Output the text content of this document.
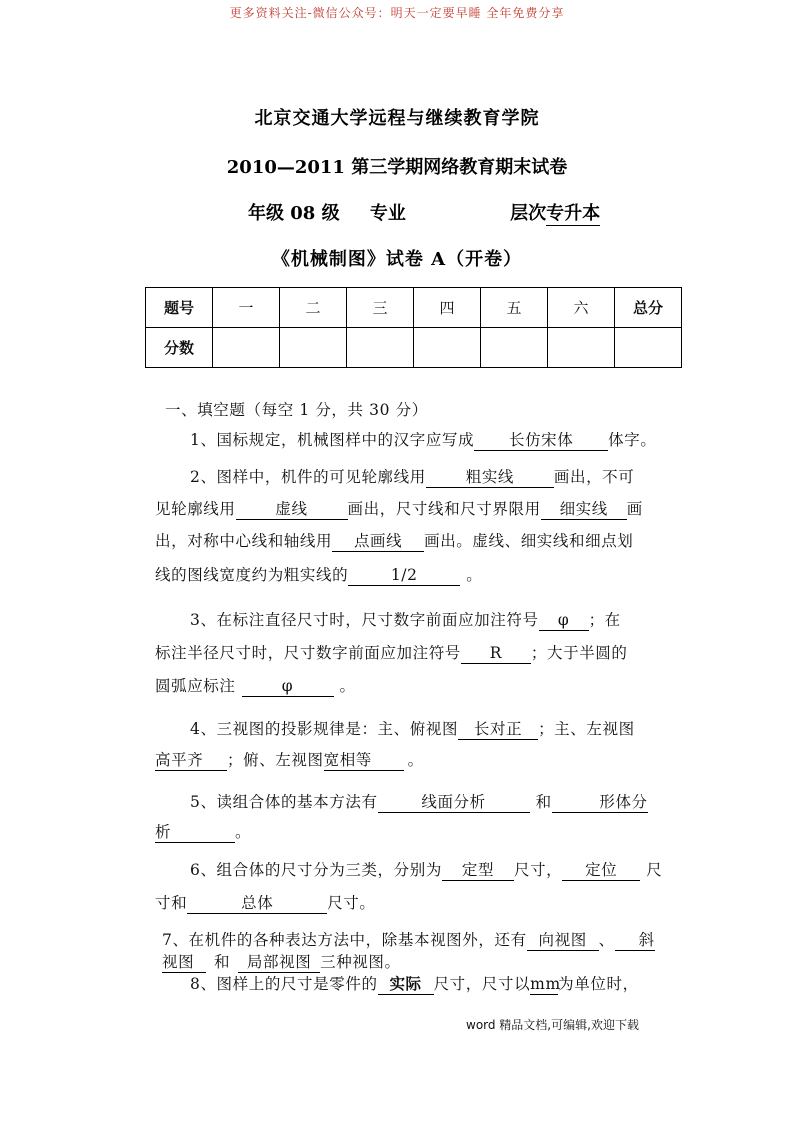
更多资料关注-微信公众号：明天一定要早睡 全年免费分享
北京交通大学远程与继续教育学院
2010—2011 第三学期网络教育期末试卷
年级 08 级 专业	层次专升本
《机械制图》试卷 A（开卷）
题号	一	二	三	四	五	六	总分
分数							
一、填空题（每空 1 分，共 30 分）
1、国标规定，机械图样中的汉字应写成 长仿宋体 体字。
2、图样中，机件的可见轮廓线用	粗实线	画出，不可
见轮廓线用	虚线	画出，尺寸线和尺寸界限用 细实线 画
出，对称中心线和轴线用 点画线 画出。虚线、细实线和细点划
线的图线宽度约为粗实线的	1/2	。
3、在标注直径尺寸时，尺寸数字前面应加注符号 φ ；在
标注半径尺寸时，尺寸数字前面应加注符号 R ；大于半圆的
圆弧应标注	φ	。
4、三视图的投影规律是：主、俯视图 长对正 ；主、左视图
高平齐 ；俯、左视图宽相等 。
5、读组合体的基本方法有	线面分析	和	形体分
析	。
6、组合体的尺寸分为三类，分别为 定型 尺寸， 定位 尺
寸和	总体	尺寸。
7、在机件的各种表达方法中，除基本视图外，还有 向视图 、 斜
视图 和 局部视图 三种视图。
8、图样上的尺寸是零件的 实际 尺寸，尺寸以mm为单位时，
word 精品文档,可编辑,欢迎下载
